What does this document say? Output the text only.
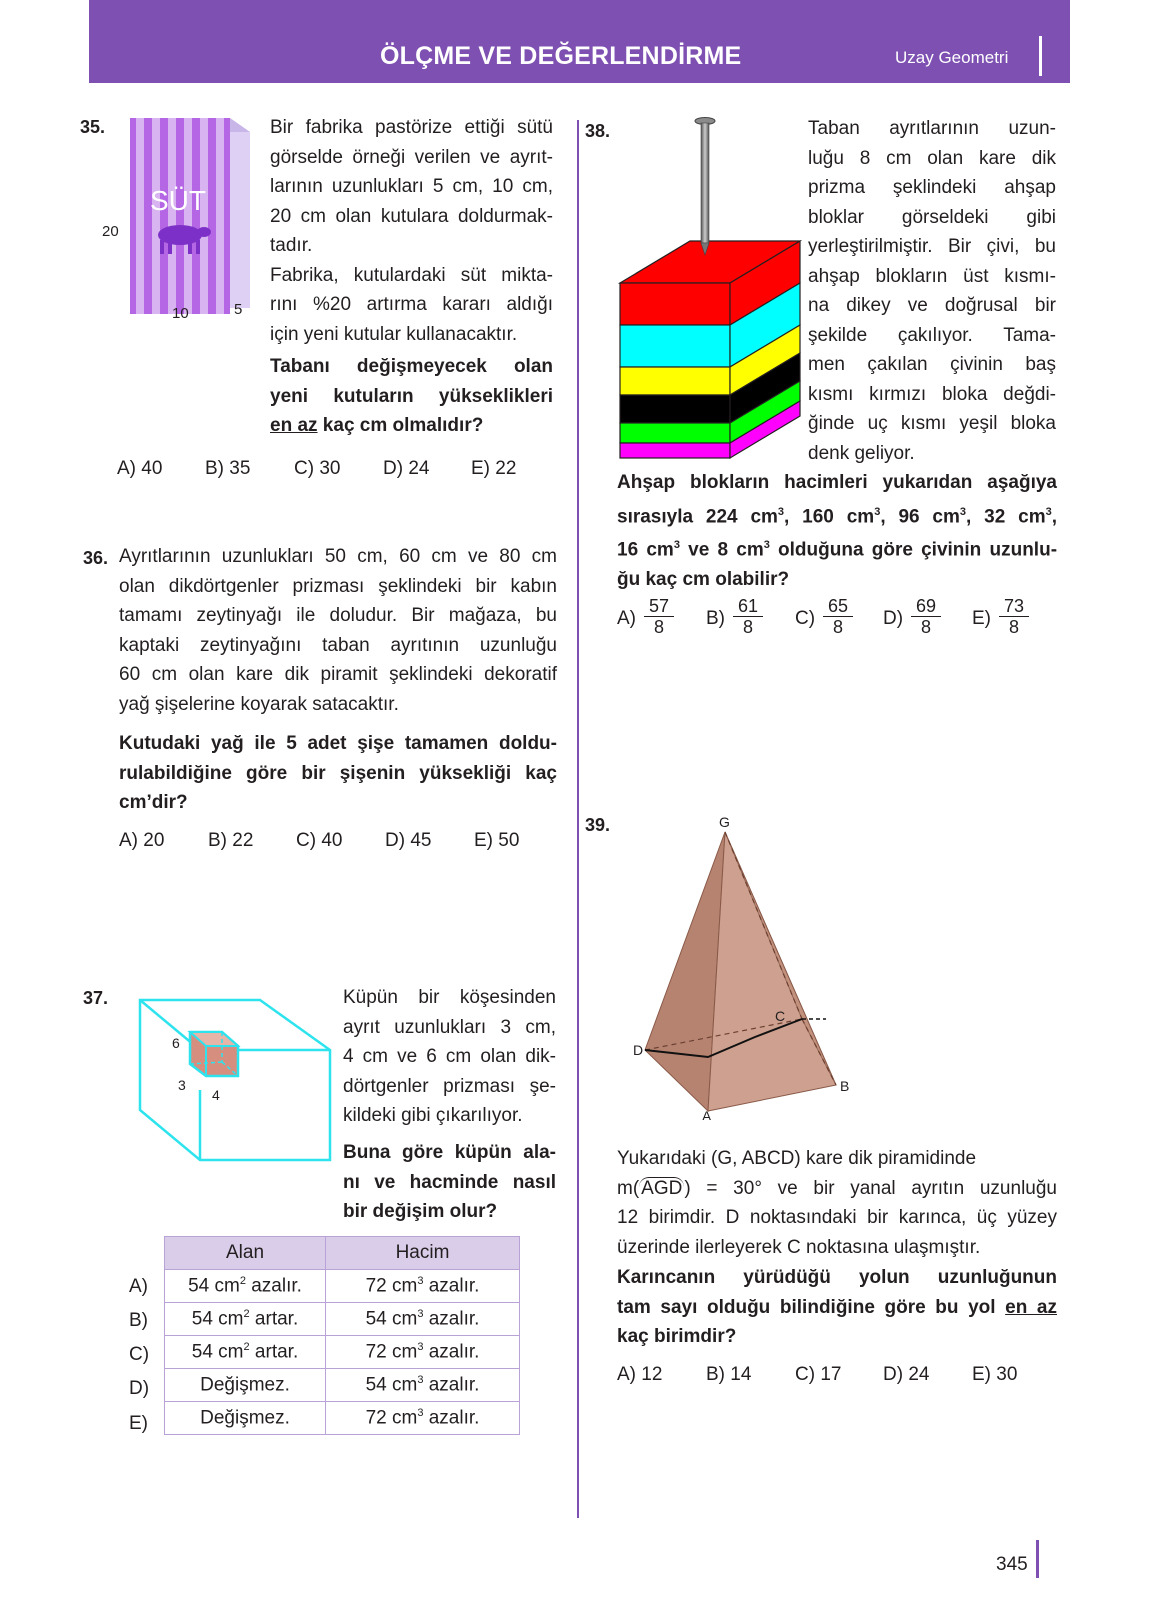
ÖLÇME VE DEĞERLENDİRME	Uzay Geometri
35.
SÜT
20
10	5
Bir fabrika pastörize ettiği sütü
görselde örneği verilen ve ayrıt-
larının uzunlukları 5 cm, 10 cm,
20 cm olan kutulara doldurmak-
tadır.
Fabrika, kutulardaki süt mikta-
rını %20 artırma kararı aldığı
için yeni kutular kullanacaktır.
Tabanı değişmeyecek olan
yeni kutuların yükseklikleri
en az kaç cm olmalıdır?
A) 40 B) 35 C) 30 D) 24 E) 22
36. Ayrıtlarının uzunlukları 50 cm, 60 cm ve 80 cm
olan dikdörtgenler prizması şeklindeki bir kabın
tamamı zeytinyağı ile doludur. Bir mağaza, bu
kaptaki zeytinyağını taban ayrıtının uzunluğu
60 cm olan kare dik piramit şeklindeki dekoratif
yağ şişelerine koyarak satacaktır.
Kutudaki yağ ile 5 adet şişe tamamen doldu-
rulabildiğine göre bir şişenin yüksekliği kaç
cm’dir?
A) 20 B) 22 C) 40 D) 45 E) 50
37.
6
3
4
Küpün bir köşesinden
ayrıt uzunlukları 3 cm,
4 cm ve 6 cm olan dik-
dörtgenler prizması şe-
kildeki gibi çıkarılıyor.
Buna göre küpün ala-
nı ve hacminde nasıl
bir değişim olur?
Alan	Hacim
54 $cm^2$ azalır.	72 $cm^3$ azalır.
54 $cm^2$ artar.	54 $cm^3$ azalır.
54 $cm^2$ artar.	72 $cm^3$ azalır.
Değişmez.	54 $cm^3$ azalır.
Değişmez.	72 $cm^3$ azalır.
A)
B)
C)
D)
E)
38.	Taban ayrıtlarının uzun-
luğu 8 cm olan kare dik
prizma şeklindeki ahşap
bloklar görseldeki gibi
yerleştirilmiştir. Bir çivi, bu
ahşap blokların üst kısmı-
na dikey ve doğrusal bir
şekilde çakılıyor. Tama-
men çakılan çivinin baş
kısmı kırmızı bloka değdi-
ğinde uç kısmı yeşil bloka
denk geliyor.
Ahşap blokların hacimleri yukarıdan aşağıya
sırasıyla 224 $cm^3$, 160 $cm^3$, 96 $cm^3$, 32 $cm^3$,
16 $cm^3$ ve 8 $cm^3$ olduğuna göre çivinin uzunlu-
ğu kaç cm olabilir?
$A) \frac{57}{8} B) \frac{61}{8} C) \frac{65}{8} D) \frac{69}{8} E) \frac{73}{8}$
39.	G
D
C
B
A
Yukarıdaki (G, ABCD) kare dik piramidinde
m( AGD ) = 30° ve bir yanal ayrıtın uzunluğu
12 birimdir. D noktasındaki bir karınca, üç yüzey
üzerinde ilerleyerek C noktasına ulaşmıştır.
Karıncanın yürüdüğü yolun uzunluğunun
tam sayı olduğu bilindiğine göre bu yol en az
kaç birimdir?
A) 12 B) 14 C) 17 D) 24 E) 30
345
